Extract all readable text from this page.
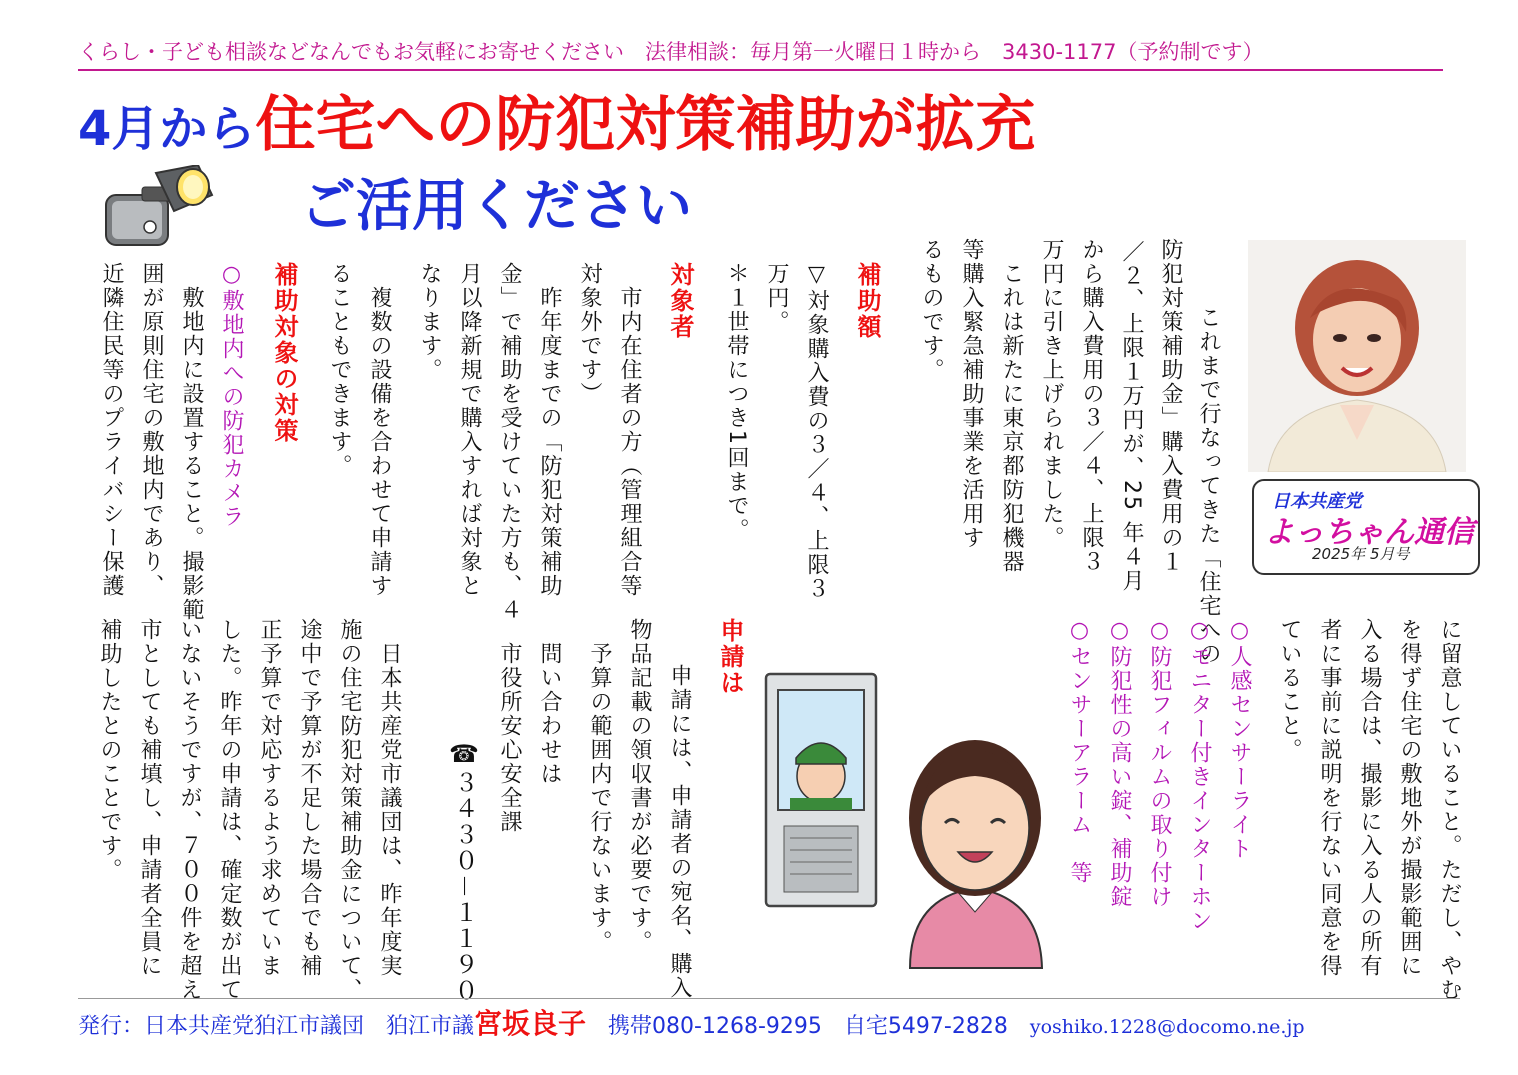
くらし・子ども相談などなんでもお気軽にお寄せください　法律相談：毎月第一火曜日１時から　3430-1177（予約制です）
4月から住宅への防犯対策補助が拡充
ご活用ください
日本共産党
よっちゃん通信
2025年 5月号
　これまで行なってきた「住宅への
防犯対策補助金」購入費用の１
／２、上限１万円が、25 年４月
から購入費用の３／４、上限３
万円に引き上げられました。
　これは新たに東京都防犯機器
等購入緊急補助事業を活用す
るものです。
補助額
▽対象購入費の３／４、上限３
万円。
＊１世帯につき1回まで。
対象者
　市内在住者の方（管理組合等
対象外です）
　昨年度までの「防犯対策補助
金」で補助を受けていた方も、４
月以降新規で購入すれば対象と
なります。
　複数の設備を合わせて申請す
ることもできます。
補助対象の対策
○敷地内への防犯カメラ
　敷地内に設置すること。撮影範
囲が原則住宅の敷地内であり、
近隣住民等のプライバシー保護
に留意していること。ただし、やむ
を得ず住宅の敷地外が撮影範囲に
入る場合は、撮影に入る人の所有
者に事前に説明を行ない同意を得
ていること。
○人感センサーライト
○モニター付きインターホン
○防犯フィルムの取り付け
○防犯性の高い錠、補助錠
○センサーアラーム　等
申請は
　申請には、申請者の宛名、購入
物品記載の領収書が必要です。
　予算の範囲内で行ないます。
　問い合わせは
　市役所安心安全課
☎３４３０－１１９０
　日本共産党市議団は、昨年度実
施の住宅防犯対策補助金について、
途中で予算が不足した場合でも補
正予算で対応するよう求めていま
した。昨年の申請は、確定数が出て
いないそうですが、７００件を超え
市としても補填し、申請者全員に
補助したとのことです。
発行：日本共産党狛江市議団　狛江市議宮坂良子　 携帯080-1268-9295　 自宅5497-2828　 yoshiko.1228@docomo.ne.jp
